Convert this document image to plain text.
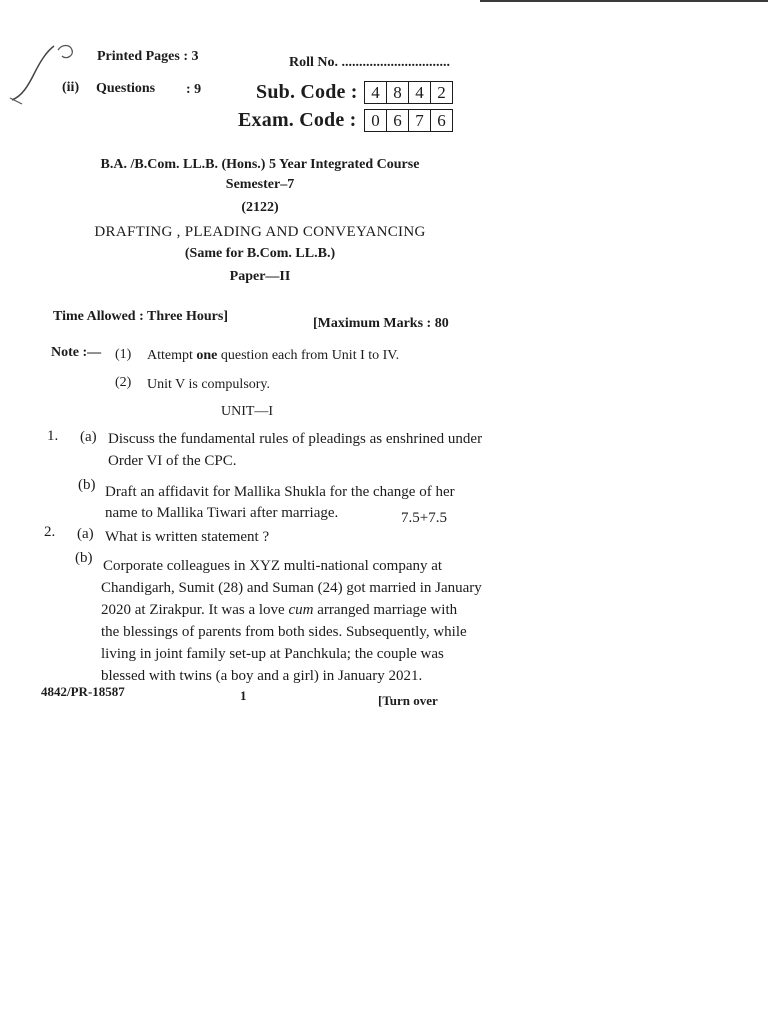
Printed Pages : 3	Roll No. ...............................
(ii) Questions : 9	Sub. Code : 4 8 4 2
Exam. Code : 0 6 7 6
B.A. /B.Com. LL.B. (Hons.) 5 Year Integrated Course
Semester–7
(2122)
DRAFTING , PLEADING AND CONVEYANCING
(Same for B.Com. LL.B.)
Paper—II
Time Allowed : Three Hours]	[Maximum Marks : 80
Note :— (1) Attempt one question each from Unit I to IV.
(2) Unit V is compulsory.
UNIT—I
1. (a) Discuss the fundamental rules of pleadings as enshrined under
Order VI of the CPC.
(b) Draft an affidavit for Mallika Shukla for the change of her
name to Mallika Tiwari after marriage.	7.5+7.5
2. (a) What is written statement ?
(b) Corporate colleagues in XYZ multi-national company at
Chandigarh, Sumit (28) and Suman (24) got married in January
2020 at Zirakpur. It was a love cum arranged marriage with
the blessings of parents from both sides. Subsequently, while
living in joint family set-up at Panchkula; the couple was
blessed with twins (a boy and a girl) in January 2021.
4842/PR-18587	1	[Turn over
